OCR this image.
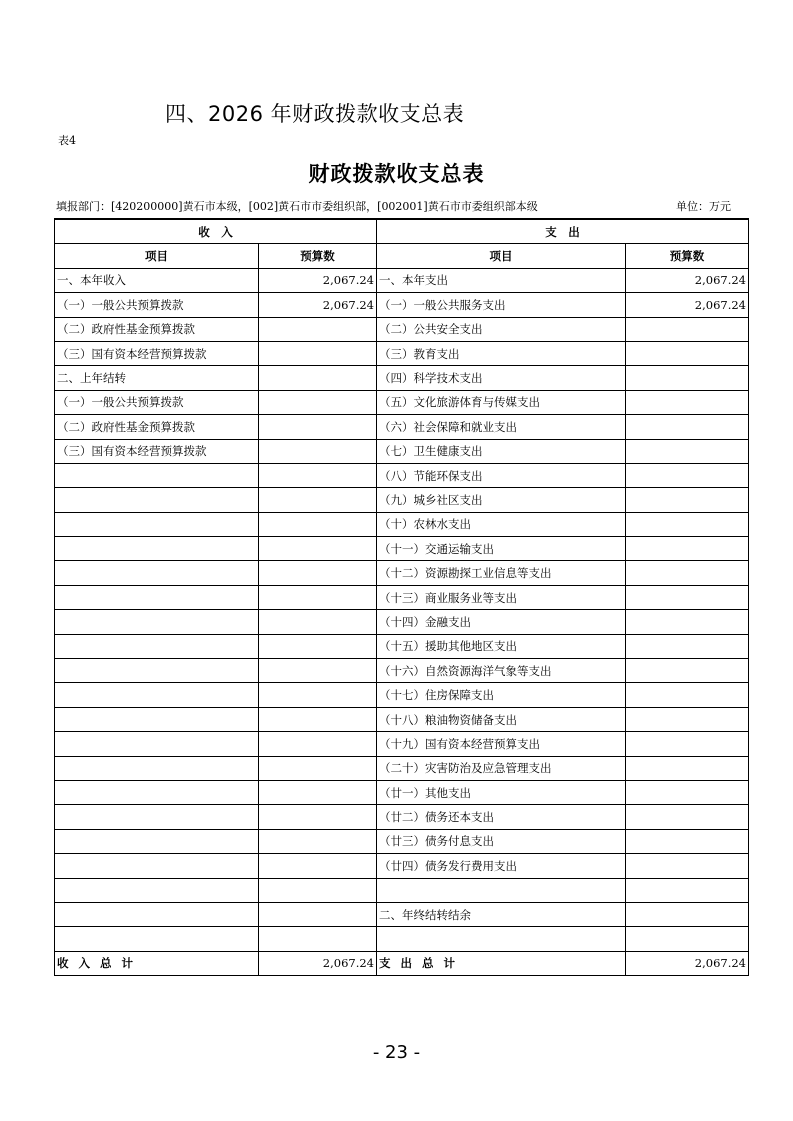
四、2026 年财政拨款收支总表
表4
财政拨款收支总表
填报部门：[420200000]黄石市本级，[002]黄石市市委组织部，[002001]黄石市市委组织部本级	单位：万元
收　入		支　出	
项目	预算数	项目	预算数
一、本年收入	2,067.24	一、本年支出	2,067.24
（一）一般公共预算拨款	2,067.24	（一）一般公共服务支出	2,067.24
（二）政府性基金预算拨款		（二）公共安全支出	
（三）国有资本经营预算拨款		（三）教育支出	
二、上年结转		（四）科学技术支出	
（一）一般公共预算拨款		（五）文化旅游体育与传媒支出	
（二）政府性基金预算拨款		（六）社会保障和就业支出	
（三）国有资本经营预算拨款		（七）卫生健康支出	
		（八）节能环保支出	
		（九）城乡社区支出	
		（十）农林水支出	
		（十一）交通运输支出	
		（十二）资源勘探工业信息等支出	
		（十三）商业服务业等支出	
		（十四）金融支出	
		（十五）援助其他地区支出	
		（十六）自然资源海洋气象等支出	
		（十七）住房保障支出	
		（十八）粮油物资储备支出	
		（十九）国有资本经营预算支出	
		（二十）灾害防治及应急管理支出	
		（廿一）其他支出	
		（廿二）债务还本支出	
		（廿三）债务付息支出	
		（廿四）债务发行费用支出	

		二、年终结转结余	

收入总计	2,067.24	支出总计	2,067.24
- 23 -
